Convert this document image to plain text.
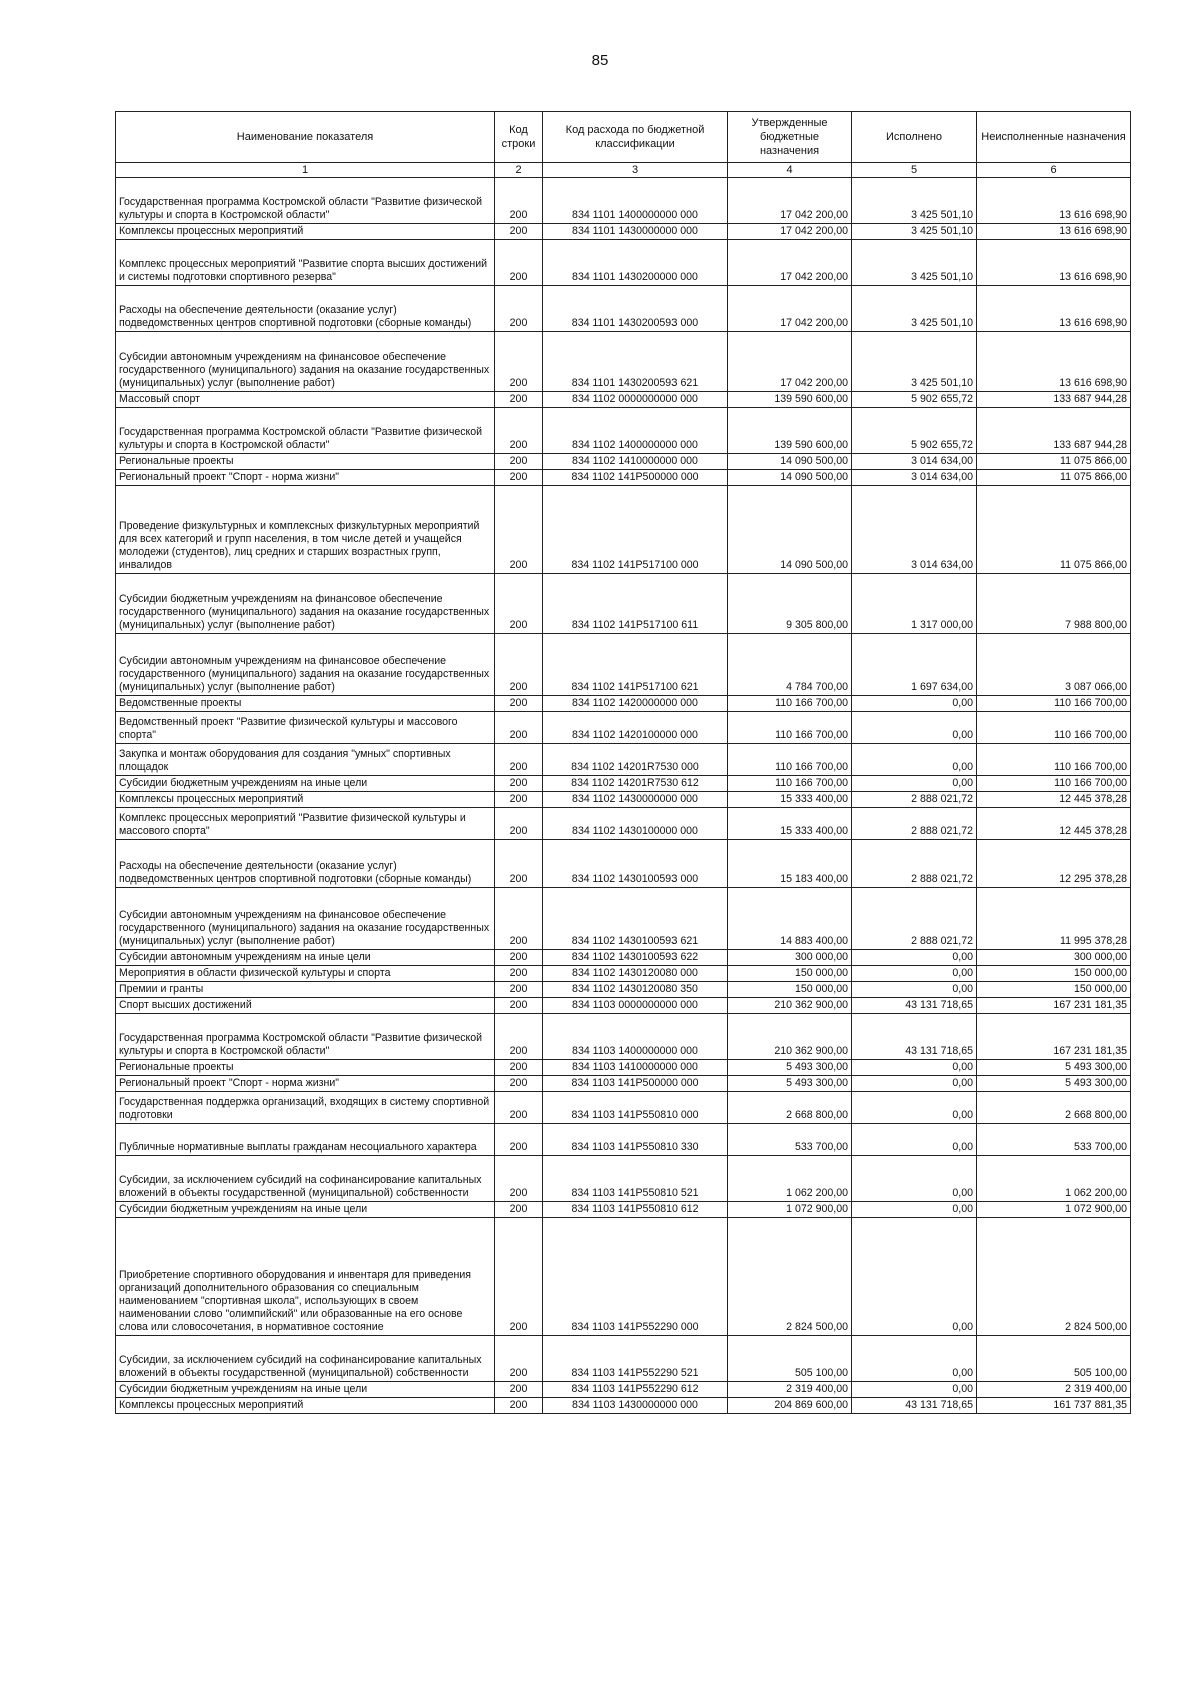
85
Наименование показателя	Код строки	Код расхода по бюджетной классификации	Утвержденные бюджетные назначения	Исполнено	Неисполненные назначения
1	2	3	4	5	6
Государственная программа Костромской области "Развитие физической культуры и спорта в Костромской области"	200	834 1101 1400000000 000	17 042 200,00	3 425 501,10	13 616 698,90
Комплексы процессных мероприятий	200	834 1101 1430000000 000	17 042 200,00	3 425 501,10	13 616 698,90
Комплекс процессных мероприятий "Развитие спорта высших достижений и системы подготовки спортивного резерва"	200	834 1101 1430200000 000	17 042 200,00	3 425 501,10	13 616 698,90
Расходы на обеспечение деятельности (оказание услуг) подведомственных центров спортивной подготовки (сборные команды)	200	834 1101 143020059З 000	17 042 200,00	3 425 501,10	13 616 698,90
Субсидии автономным учреждениям на финансовое обеспечение государственного (муниципального) задания на оказание государственных (муниципальных) услуг (выполнение работ)	200	834 1101 143020059З 621	17 042 200,00	3 425 501,10	13 616 698,90
Массовый спорт	200	834 1102 0000000000 000	139 590 600,00	5 902 655,72	133 687 944,28
Государственная программа Костромской области "Развитие физической культуры и спорта в Костромской области"	200	834 1102 1400000000 000	139 590 600,00	5 902 655,72	133 687 944,28
Региональные проекты	200	834 1102 1410000000 000	14 090 500,00	3 014 634,00	11 075 866,00
Региональный проект "Спорт - норма жизни"	200	834 1102 141P500000 000	14 090 500,00	3 014 634,00	11 075 866,00
Проведение физкультурных и комплексных физкультурных мероприятий для всех категорий и групп населения, в том числе детей и учащейся молодежи (студентов), лиц средних и старших возрастных групп, инвалидов	200	834 1102 141P517100 000	14 090 500,00	3 014 634,00	11 075 866,00
Субсидии бюджетным учреждениям на финансовое обеспечение государственного (муниципального) задания на оказание государственных (муниципальных) услуг (выполнение работ)	200	834 1102 141P517100 611	9 305 800,00	1 317 000,00	7 988 800,00
Субсидии автономным учреждениям на финансовое обеспечение государственного (муниципального) задания на оказание государственных (муниципальных) услуг (выполнение работ)	200	834 1102 141P517100 621	4 784 700,00	1 697 634,00	3 087 066,00
Ведомственные проекты	200	834 1102 1420000000 000	110 166 700,00	0,00	110 166 700,00
Ведомственный проект "Развитие физической культуры и массового спорта"	200	834 1102 1420100000 000	110 166 700,00	0,00	110 166 700,00
Закупка и монтаж оборудования для создания "умных" спортивных площадок	200	834 1102 14201R7530 000	110 166 700,00	0,00	110 166 700,00
Субсидии бюджетным учреждениям на иные цели	200	834 1102 14201R7530 612	110 166 700,00	0,00	110 166 700,00
Комплексы процессных мероприятий	200	834 1102 1430000000 000	15 333 400,00	2 888 021,72	12 445 378,28
Комплекс процессных мероприятий "Развитие физической культуры и массового спорта"	200	834 1102 1430100000 000	15 333 400,00	2 888 021,72	12 445 378,28
Расходы на обеспечение деятельности (оказание услуг) подведомственных центров спортивной подготовки (сборные команды)	200	834 1102 143010059З 000	15 183 400,00	2 888 021,72	12 295 378,28
Субсидии автономным учреждениям на финансовое обеспечение государственного (муниципального) задания на оказание государственных (муниципальных) услуг (выполнение работ)	200	834 1102 143010059З 621	14 883 400,00	2 888 021,72	11 995 378,28
Субсидии автономным учреждениям на иные цели	200	834 1102 143010059З 622	300 000,00	0,00	300 000,00
Мероприятия в области физической культуры и спорта	200	834 1102 1430120080 000	150 000,00	0,00	150 000,00
Премии и гранты	200	834 1102 1430120080 350	150 000,00	0,00	150 000,00
Спорт высших достижений	200	834 1103 0000000000 000	210 362 900,00	43 131 718,65	167 231 181,35
Государственная программа Костромской области "Развитие физической культуры и спорта в Костромской области"	200	834 1103 1400000000 000	210 362 900,00	43 131 718,65	167 231 181,35
Региональные проекты	200	834 1103 1410000000 000	5 493 300,00	0,00	5 493 300,00
Региональный проект "Спорт - норма жизни"	200	834 1103 141P500000 000	5 493 300,00	0,00	5 493 300,00
Государственная поддержка организаций, входящих в систему спортивной подготовки	200	834 1103 141P550810 000	2 668 800,00	0,00	2 668 800,00
Публичные нормативные выплаты гражданам несоциального характера	200	834 1103 141P550810 330	533 700,00	0,00	533 700,00
Субсидии, за исключением субсидий на софинансирование капитальных вложений в объекты государственной (муниципальной) собственности	200	834 1103 141P550810 521	1 062 200,00	0,00	1 062 200,00
Субсидии бюджетным учреждениям на иные цели	200	834 1103 141P550810 612	1 072 900,00	0,00	1 072 900,00
Приобретение спортивного оборудования и инвентаря для приведения организаций дополнительного образования со специальным наименованием "спортивная школа", использующих в своем наименовании слово "олимпийский" или образованные на его основе слова или словосочетания, в нормативное состояние	200	834 1103 141P552290 000	2 824 500,00	0,00	2 824 500,00
Субсидии, за исключением субсидий на софинансирование капитальных вложений в объекты государственной (муниципальной) собственности	200	834 1103 141P552290 521	505 100,00	0,00	505 100,00
Субсидии бюджетным учреждениям на иные цели	200	834 1103 141P552290 612	2 319 400,00	0,00	2 319 400,00
Комплексы процессных мероприятий	200	834 1103 1430000000 000	204 869 600,00	43 131 718,65	161 737 881,35
